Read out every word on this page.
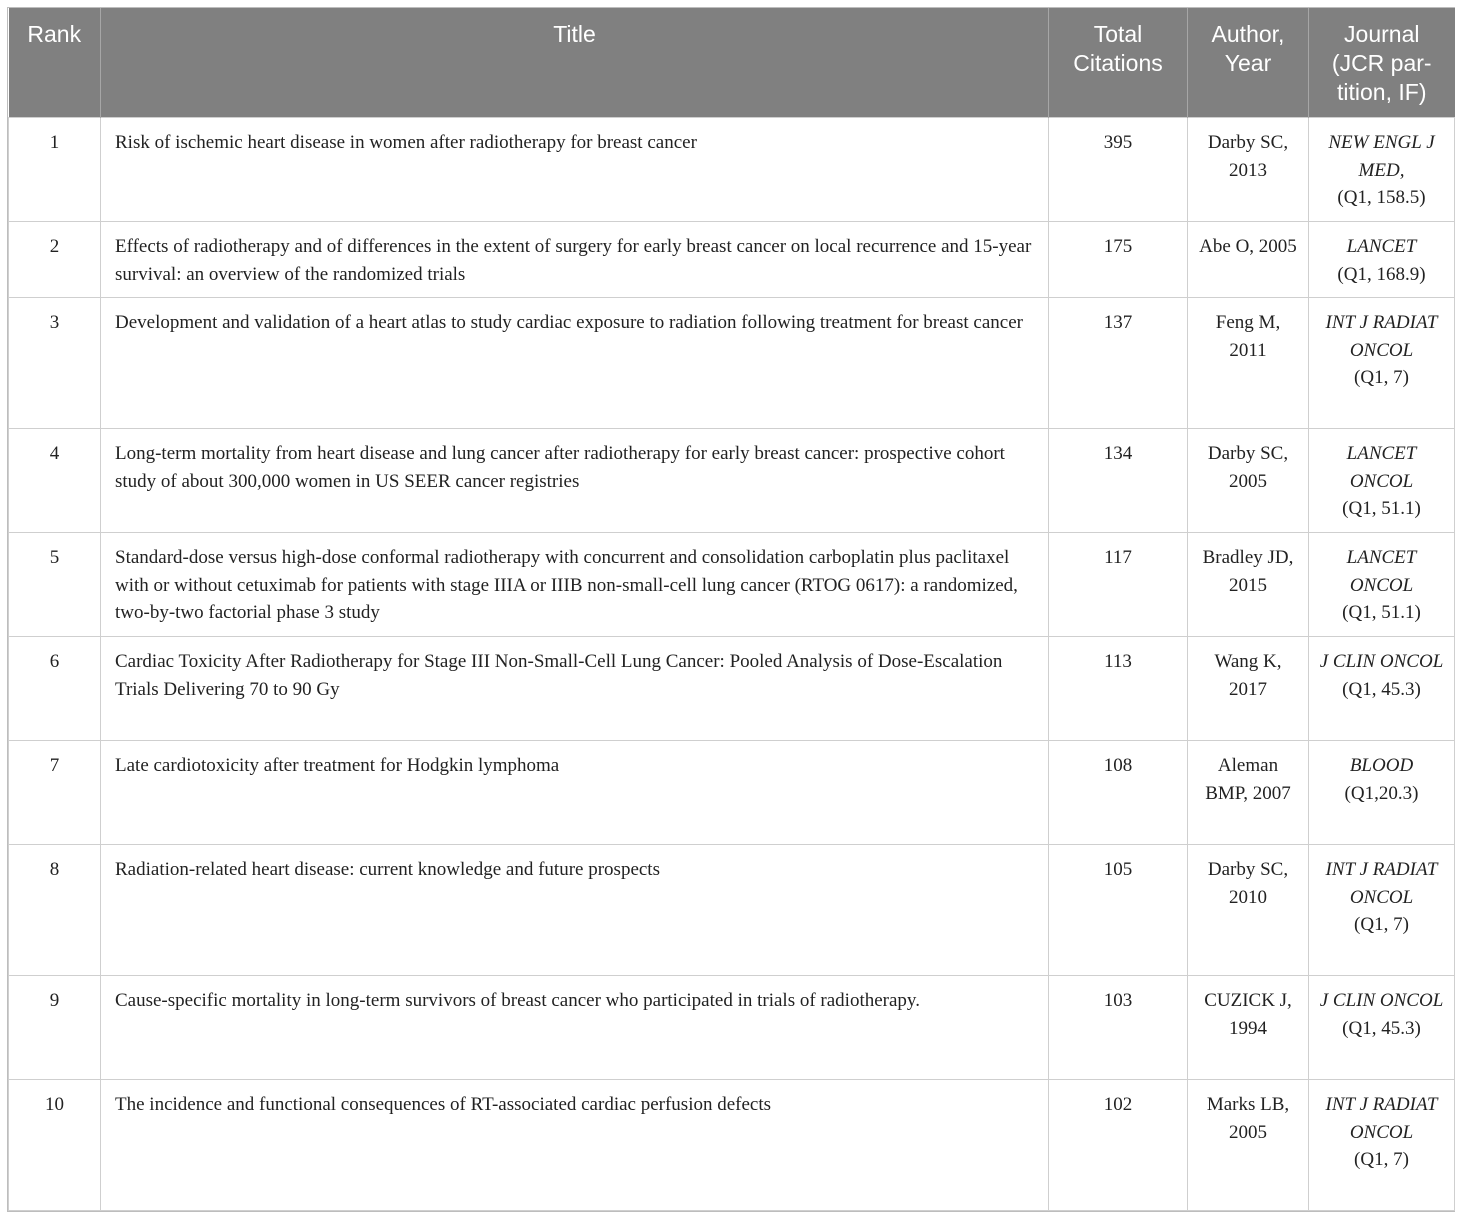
Rank	Title	Total Citations	Author, Year	Journal (JCR par-tition, IF)
1	Risk of ischemic heart disease in women after radiotherapy for breast cancer	395	Darby SC, 2013	NEW ENGL J MED,
(Q1, 158.5)

2	Effects of radiotherapy and of differences in the extent of surgery for early breast cancer on local recurrence and 15-year survival: an overview of the randomized trials	175	Abe O, 2005	LANCET
(Q1, 168.9)

3	Development and validation of a heart atlas to study cardiac exposure to radiation following treatment for breast cancer	137	Feng M, 2011	INT J RADIAT ONCOL
(Q1, 7)

4	Long-term mortality from heart disease and lung cancer after radiotherapy for early breast cancer: prospective cohort study of about 300,000 women in US SEER cancer registries	134	Darby SC, 2005	LANCET ONCOL
(Q1, 51.1)

5	Standard-dose versus high-dose conformal radiotherapy with concurrent and consolidation carboplatin plus paclitaxel with or without cetuximab for patients with stage IIIA or IIIB non-small-cell lung cancer (RTOG 0617): a randomized, two-by-two factorial phase 3 study	117	Bradley JD, 2015	LANCET ONCOL
(Q1, 51.1)

6	Cardiac Toxicity After Radiotherapy for Stage III Non-Small-Cell Lung Cancer: Pooled Analysis of Dose-Escalation Trials Delivering 70 to 90 Gy	113	Wang K, 2017	J CLIN ONCOL
(Q1, 45.3)

7	Late cardiotoxicity after treatment for Hodgkin lymphoma	108	Aleman BMP, 2007	BLOOD
(Q1,20.3)

8	Radiation-related heart disease: current knowledge and future prospects	105	Darby SC, 2010	INT J RADIAT ONCOL
(Q1, 7)

9	Cause-specific mortality in long-term survivors of breast cancer who participated in trials of radiotherapy.	103	CUZICK J, 1994	J CLIN ONCOL
(Q1, 45.3)

10	The incidence and functional consequences of RT-associated cardiac perfusion defects	102	Marks LB, 2005	INT J RADIAT ONCOL
(Q1, 7)
